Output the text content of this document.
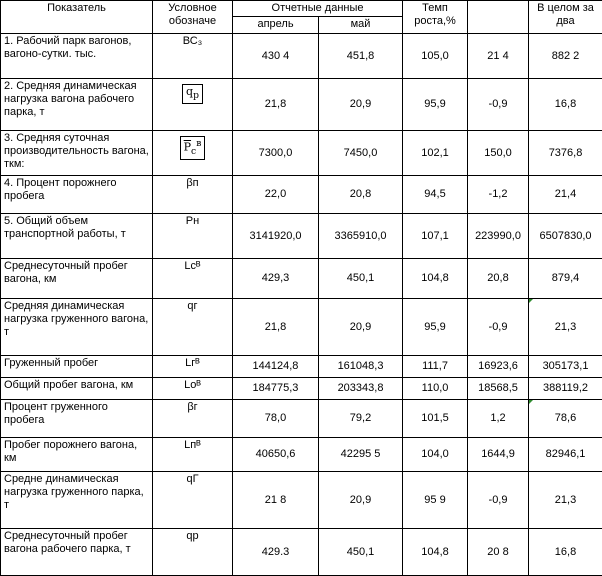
Показатель	Условное обозначе	Отчетные данные		Темп роста,%		В целом за два
		апрель	май			
1. Рабочий парк вагонов, вагоно-сутки. тыс.	ВС₃	430 4	451,8	105,0	21 4	882 2
2. Средняя динамическая нагрузка вагона рабочего парка, т	$\overline{q}_р$	21,8	20,9	95,9	-0,9	16,8
3. Средняя суточная производительность вагона, ткм:	$\overline{P}_с^в$	7300,0	7450,0	102,1	150,0	7376,8
4. Процент порожнего пробега	βп	22,0	20,8	94,5	-1,2	21,4
5. Общий объем транспортной работы, т	Pн	3141920,0	3365910,0	107,1	223990,0	6507830,0
Среднесуточный пробег вагона, км	Lсᴮ	429,3	450,1	104,8	20,8	879,4
Средняя динамическая нагрузка груженного вагона, т	qг	21,8	20,9	95,9	-0,9	21,3
Груженный пробег	Lгᴮ	144124,8	161048,3	111,7	16923,6	305173,1
Общий пробег вагона, км	Lоᴮ	184775,3	203343,8	110,0	18568,5	388119,2
Процент груженного пробега	βг	78,0	79,2	101,5	1,2	78,6
Пробег порожнего вагона, км	Lпᴮ	40650,6	42295 5	104,0	1644,9	82946,1
Средне динамическая нагрузка груженного парка, т	qГ	21 8	20,9	95 9	-0,9	21,3
Среднесуточный пробег вагона рабочего парка, т	qр	429.3	450,1	104,8	20 8	16,8
